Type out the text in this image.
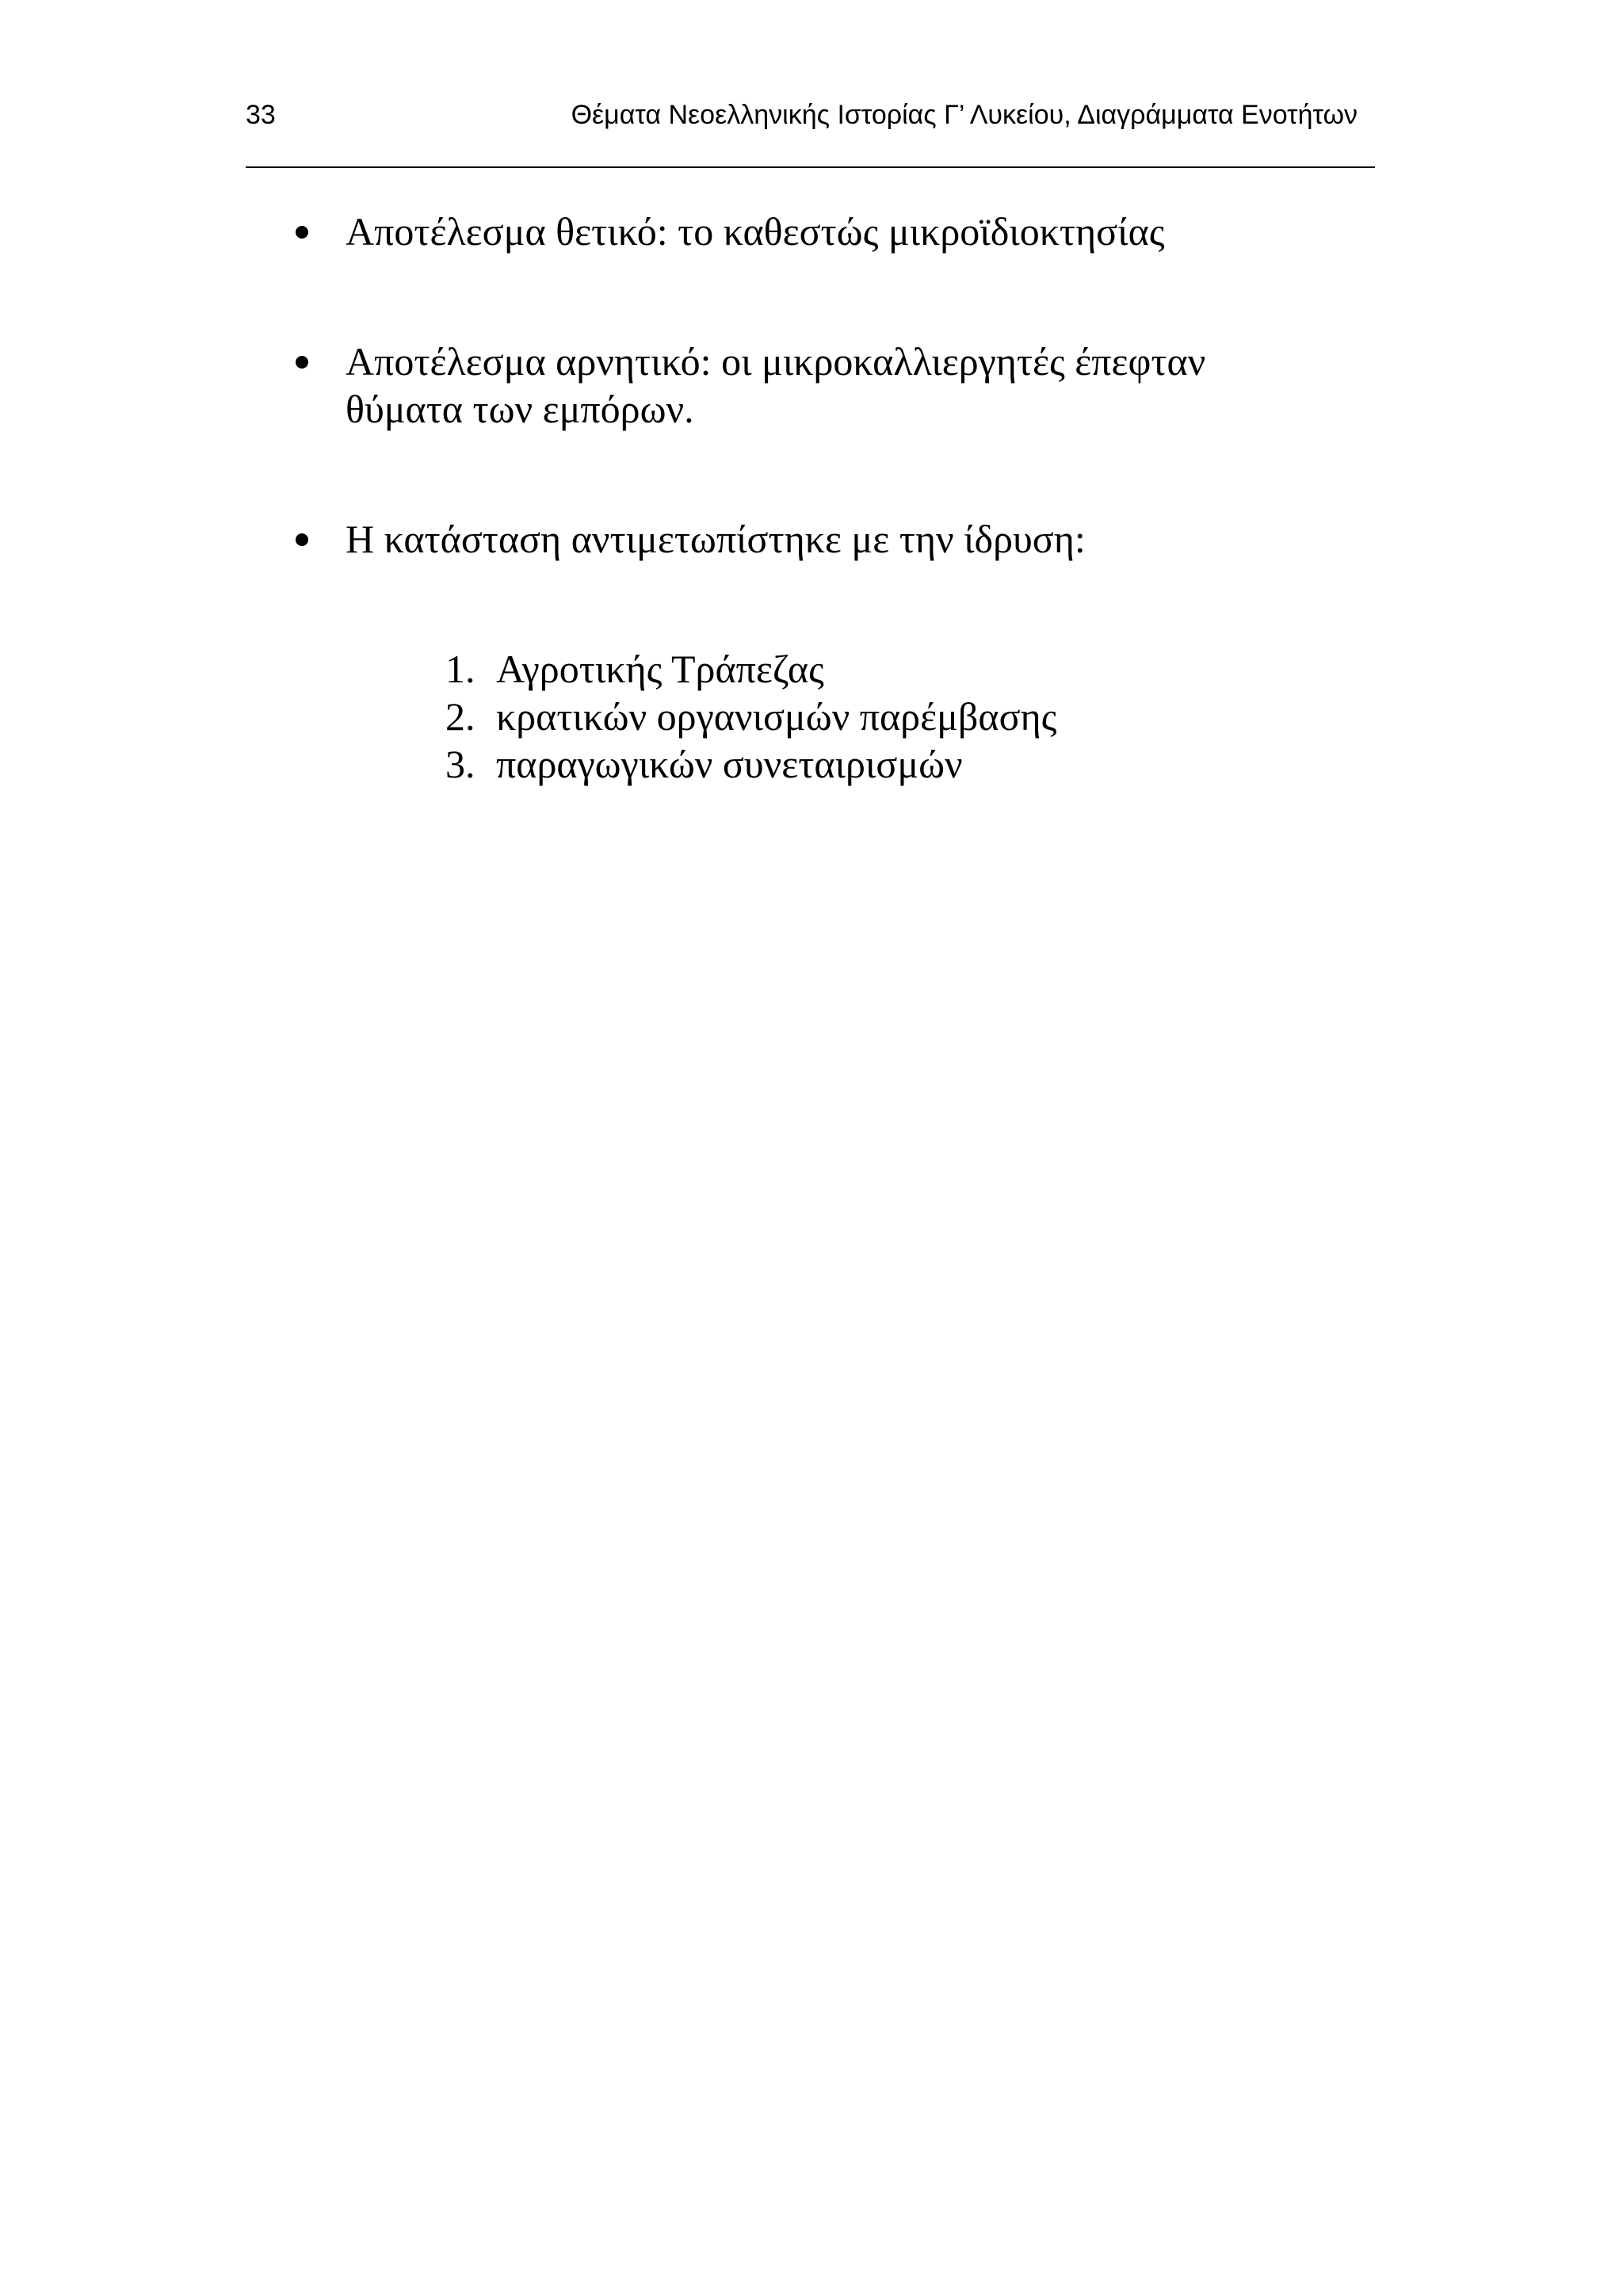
33	Θέματα Νεοελληνικής Ιστορίας Γ’ Λυκείου, Διαγράμματα Ενοτήτων
Αποτέλεσμα θετικό: το καθεστώς μικροϊδιοκτησίας
Αποτέλεσμα αρνητικό: οι μικροκαλλιεργητές έπεφταν
θύματα των εμπόρων.
Η κατάσταση αντιμετωπίστηκε με την ίδρυση:
1. Αγροτικής Τράπεζας
2. κρατικών οργανισμών παρέμβασης
3. παραγωγικών συνεταιρισμών
